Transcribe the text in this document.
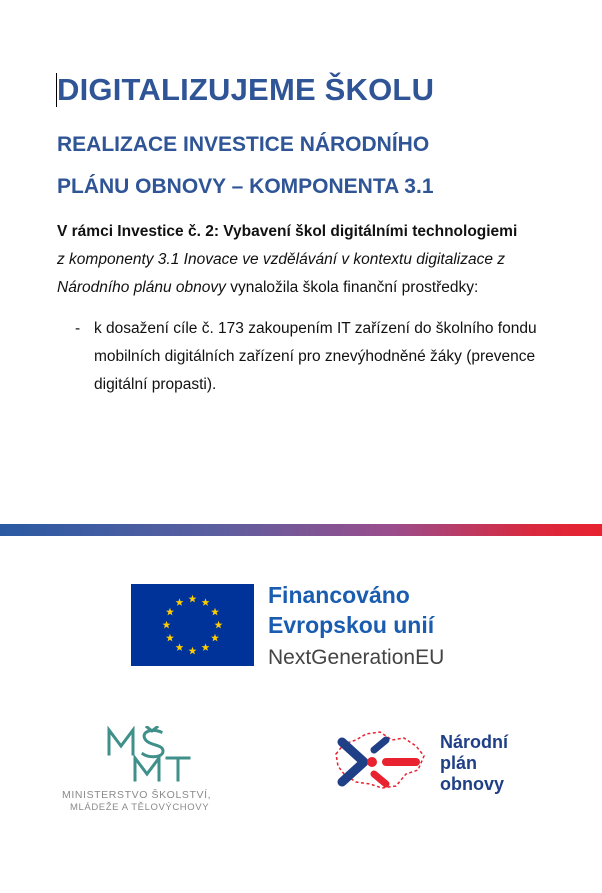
DIGITALIZUJEME ŠKOLU
REALIZACE INVESTICE NÁRODNÍHO
PLÁNU OBNOVY – KOMPONENTA 3.1

V rámci Investice č. 2: Vybavení škol digitálními technologiemi
z komponenty 3.1 Inovace ve vzdělávání v kontextu digitalizace z Národního plánu obnovy vynaložila škola finanční prostředky:

- k dosažení cíle č. 173 zakoupením IT zařízení do školního fondu mobilních digitálních zařízení pro znevýhodněné žáky (prevence digitální propasti).
Financováno
Evropskou unií
NextGenerationEU
MINISTERSTVO ŠKOLSTVÍ,
MLÁDEŽE A TĚLOVÝCHOVY
Národní
plán
obnovy
